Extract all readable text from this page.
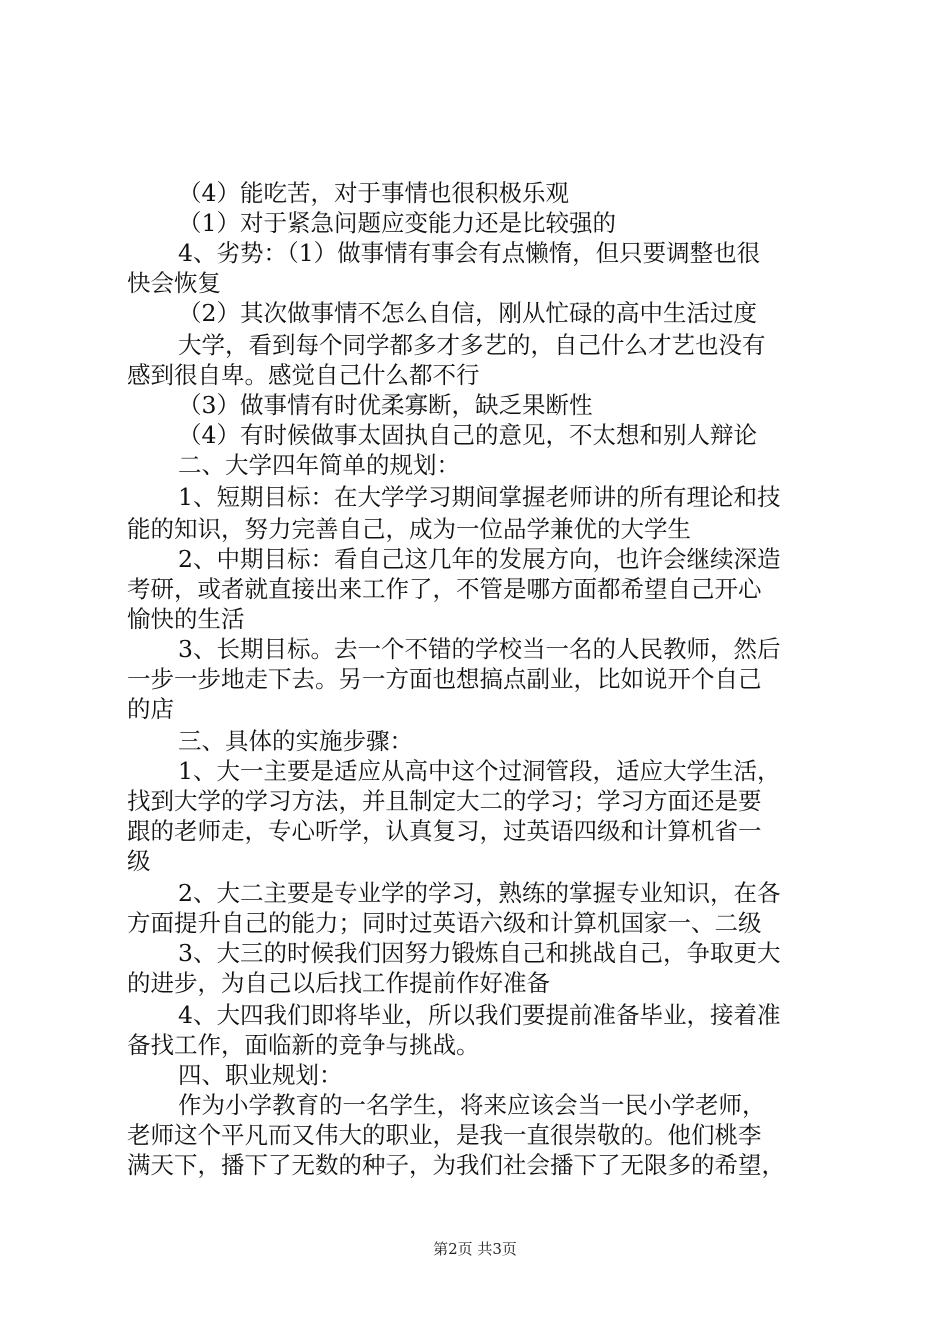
（4）能吃苦，对于事情也很积极乐观
（1）对于紧急问题应变能力还是比较强的
4、劣势：（1）做事情有事会有点懒惰，但只要调整也很
快会恢复
（2）其次做事情不怎么自信，刚从忙碌的高中生活过度
大学，看到每个同学都多才多艺的，自己什么才艺也没有
感到很自卑。感觉自己什么都不行
（3）做事情有时优柔寡断，缺乏果断性
（4）有时候做事太固执自己的意见，不太想和别人辩论
二、大学四年简单的规划：
1、短期目标：在大学学习期间掌握老师讲的所有理论和技
能的知识，努力完善自己，成为一位品学兼优的大学生
2、中期目标：看自己这几年的发展方向，也许会继续深造
考研，或者就直接出来工作了，不管是哪方面都希望自己开心
愉快的生活
3、长期目标。去一个不错的学校当一名的人民教师，然后
一步一步地走下去。另一方面也想搞点副业，比如说开个自己
的店
三、具体的实施步骤：
1、大一主要是适应从高中这个过洞管段，适应大学生活，
找到大学的学习方法，并且制定大二的学习；学习方面还是要
跟的老师走，专心听学，认真复习，过英语四级和计算机省一
级
2、大二主要是专业学的学习，熟练的掌握专业知识，在各
方面提升自己的能力；同时过英语六级和计算机国家一、二级
3、大三的时候我们因努力锻炼自己和挑战自己，争取更大
的进步，为自己以后找工作提前作好准备
4、大四我们即将毕业，所以我们要提前准备毕业，接着准
备找工作，面临新的竞争与挑战。
四、职业规划：
作为小学教育的一名学生，将来应该会当一民小学老师，
老师这个平凡而又伟大的职业，是我一直很崇敬的。他们桃李
满天下，播下了无数的种子，为我们社会播下了无限多的希望，
第2页 共3页
